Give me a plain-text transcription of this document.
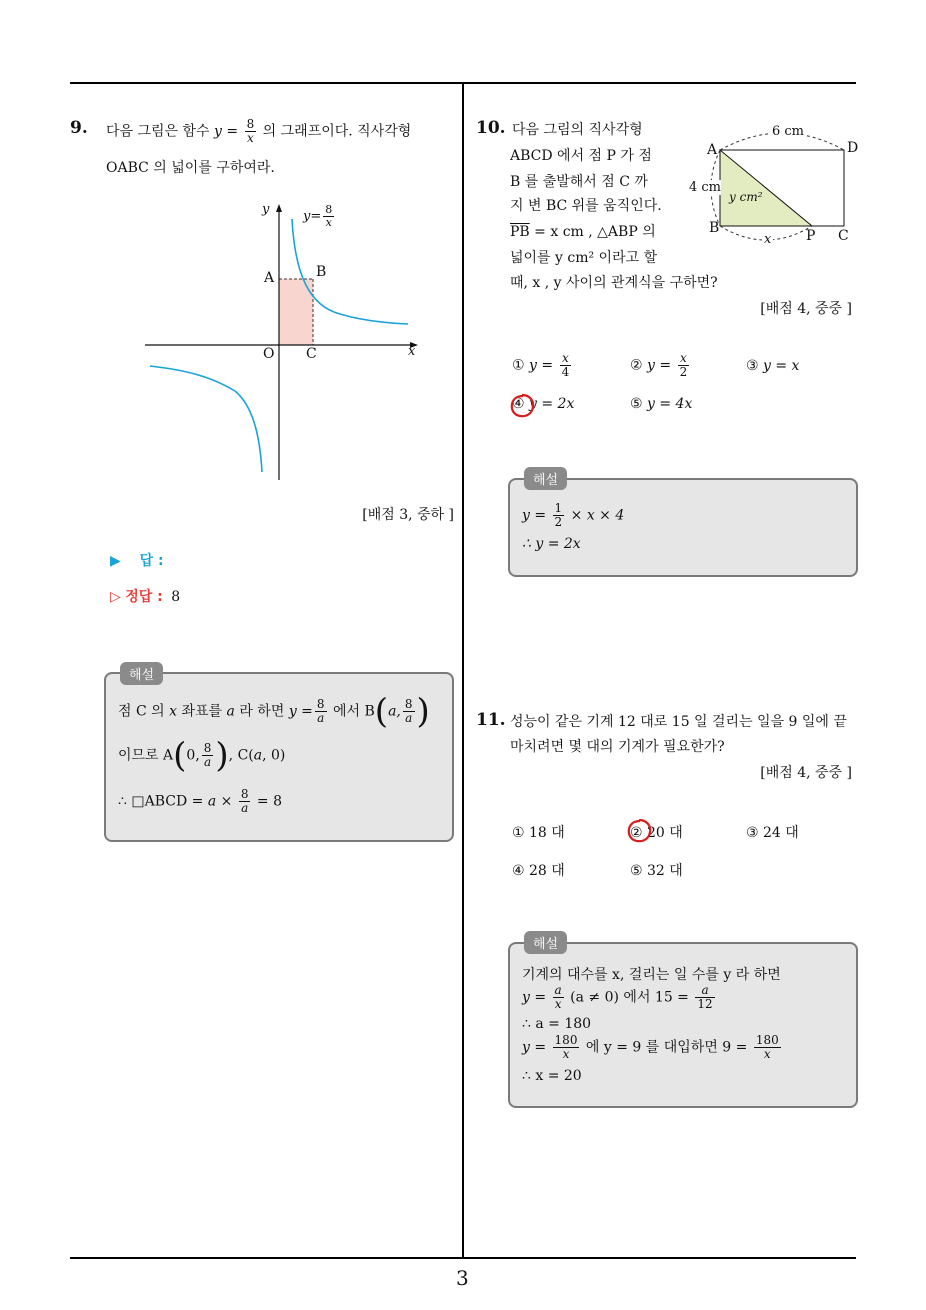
3
9. 다음 그림은 함수 $y = \frac{8}{x}$ 의 그래프이다. 직사각형
OABC 의 넓이를 구하여라.
y	$y= \frac{8}{x}$
A	B
O C	x
[배점 3, 중하 ]
▶ 답 :
▷ 정답 : 8
해설
점 C 의 x 좌표를 a 라 하면 $y = \frac{8}{a}$ 에서 B(a, $\frac{8}{a}$ )
이므로 A(0, $\frac{8}{a}$ ), C(a, 0)
∴ □ABCD = $a \times \frac{8}{a} = 8$
10. 다음 그림의 직사각형
ABCD 에서 점 P 가 점
B 를 출발해서 점 C 까
지 변 BC 위를 움직인다.
$\overline{PB} = x$ cm , △ABP 의
넓이를 y cm² 이라고 할
때, x , y 사이의 관계식을 구하면?
6 cm
A	D
4 cm
y cm²
B
x P C
[배점 4, 중중 ]
① $y = \frac{x}{4}$	② $y = \frac{x}{2}$	③ y = x
④ y = 2x	⑤ y = 4x
해설
$y = \frac{1}{2} \times x \times 4$
∴ y = 2x
11. 성능이 같은 기계 12 대로 15 일 걸리는 일을 9 일에 끝
마치려면 몇 대의 기계가 필요한가?
[배점 4, 중중 ]
① 18 대	② 20 대	③ 24 대
④ 28 대	⑤ 32 대
해설
기계의 대수를 x, 걸리는 일 수를 y 라 하면
$y = \frac{a}{x} (a \ne 0)$ 에서 $15 = \frac{a}{12}$
∴ a = 180
$y = \frac{180}{x}$ 에 y = 9 를 대입하면 $9 = \frac{180}{x}$
∴ x = 20
